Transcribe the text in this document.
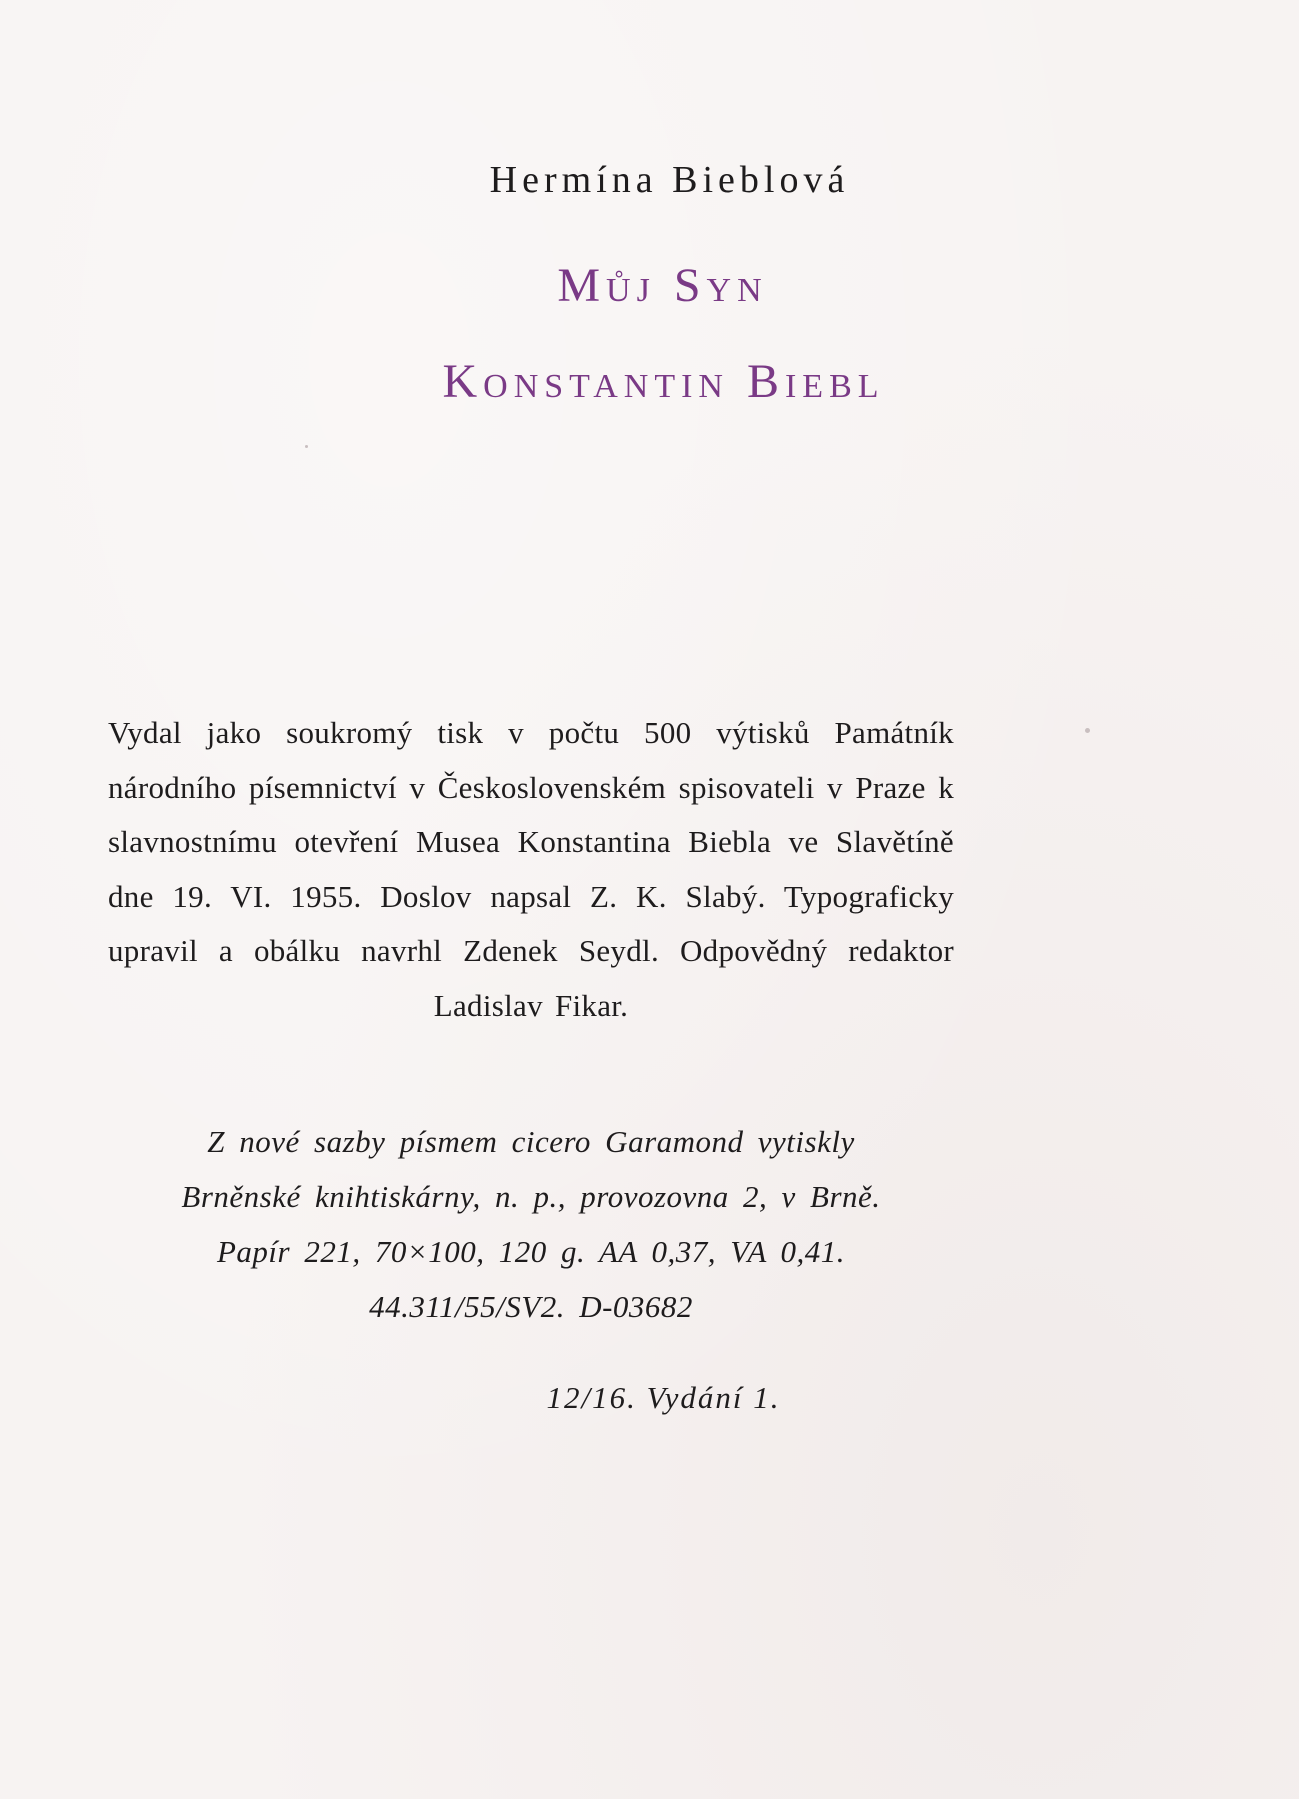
Hermína Bieblová
Můj Syn
Konstantin Biebl
Vydal jako soukromý tisk v počtu 500 výtisků Památník národního písemnictví v Československém spisovateli v Praze k slavnostnímu otevření Musea Konstantina Biebla ve Slavětíně dne 19. VI. 1955. Doslov napsal Z. K. Slabý. Typograficky upravil a obálku navrhl Zdenek Seydl. Odpovědný redaktor Ladislav Fikar.
Z nové sazby písmem cicero Garamond vytiskly
Brněnské knihtiskárny, n. p., provozovna 2, v Brně.
Papír 221, 70×100, 120 g. AA 0,37, VA 0,41.
44.311/55/SV2. D-03682
12/16. Vydání 1.
